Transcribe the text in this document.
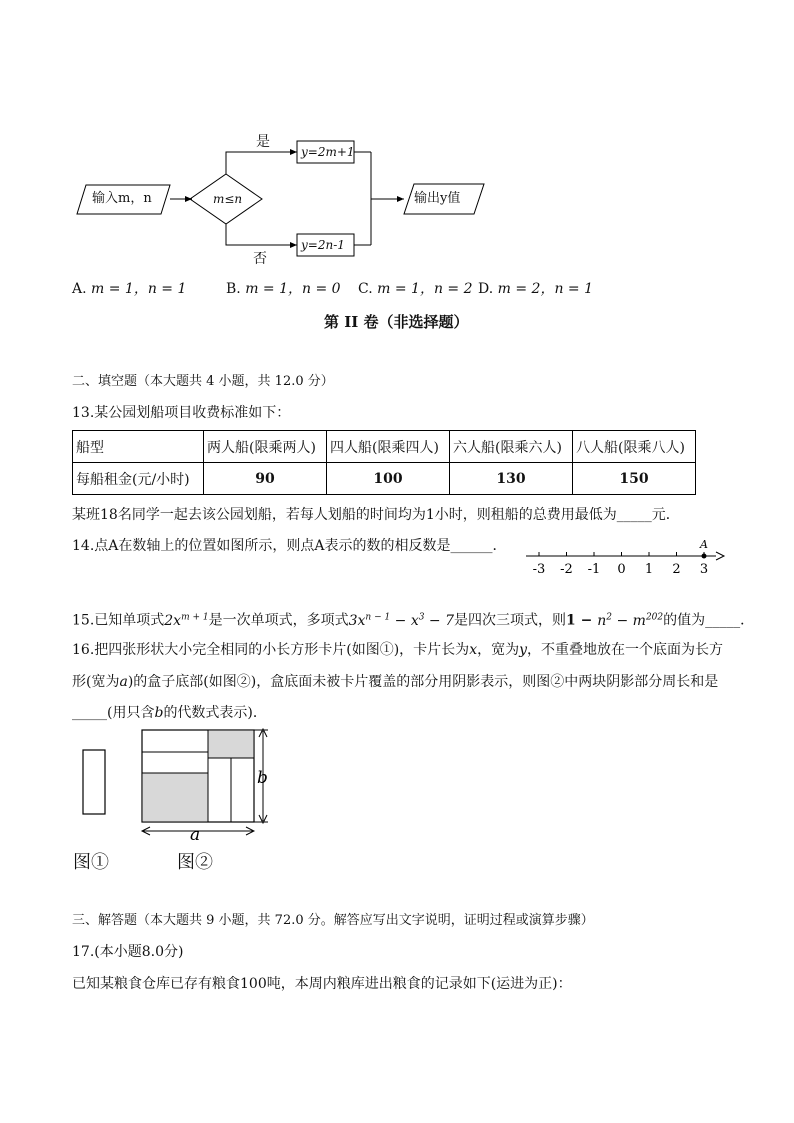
输入m，n	m≤n
是
否
y=2m+1
y=2n-1
输出y值
A. m = 1，n = 1	B. m = 1，n = 0 C. m = 1，n = 2 D. m = 2，n = 1
第 II 卷（非选择题）
二、填空题（本大题共 4 小题，共 12.0 分）
13.某公园划船项目收费标准如下：
船型	两人船(限乘两人)	四人船(限乘四人)	六人船(限乘六人)	八人船(限乘八人)
每船租金(元/小时)	90	100	130	150
某班18名同学一起去该公园划船，若每人划船的时间均为1小时，则租船的总费用最低为_____元．
14.点A在数轴上的位置如图所示，则点A表示的数的相反数是______．
-3 -2 -1 0 1 2 3
A
15.已知单项式$2x^{m + 1}$是一次单项式，多项式$3x^{n - 1} - x^3 - 7$是四次三项式，则$1 - n^2 - m^{202}$的值为_____．
16.把四张形状大小完全相同的小长方形卡片(如图①)，卡片长为x，宽为y，不重叠地放在一个底面为长方
形(宽为a)的盒子底部(如图②)，盒底面未被卡片覆盖的部分用阴影表示，则图②中两块阴影部分周长和是
_____(用只含b的代数式表示)．
b
a
图①	图②
三、解答题（本大题共 9 小题，共 72.0 分。解答应写出文字说明，证明过程或演算步骤）
17.(本小题8.0分)
已知某粮食仓库已存有粮食100吨，本周内粮库进出粮食的记录如下(运进为正)：
